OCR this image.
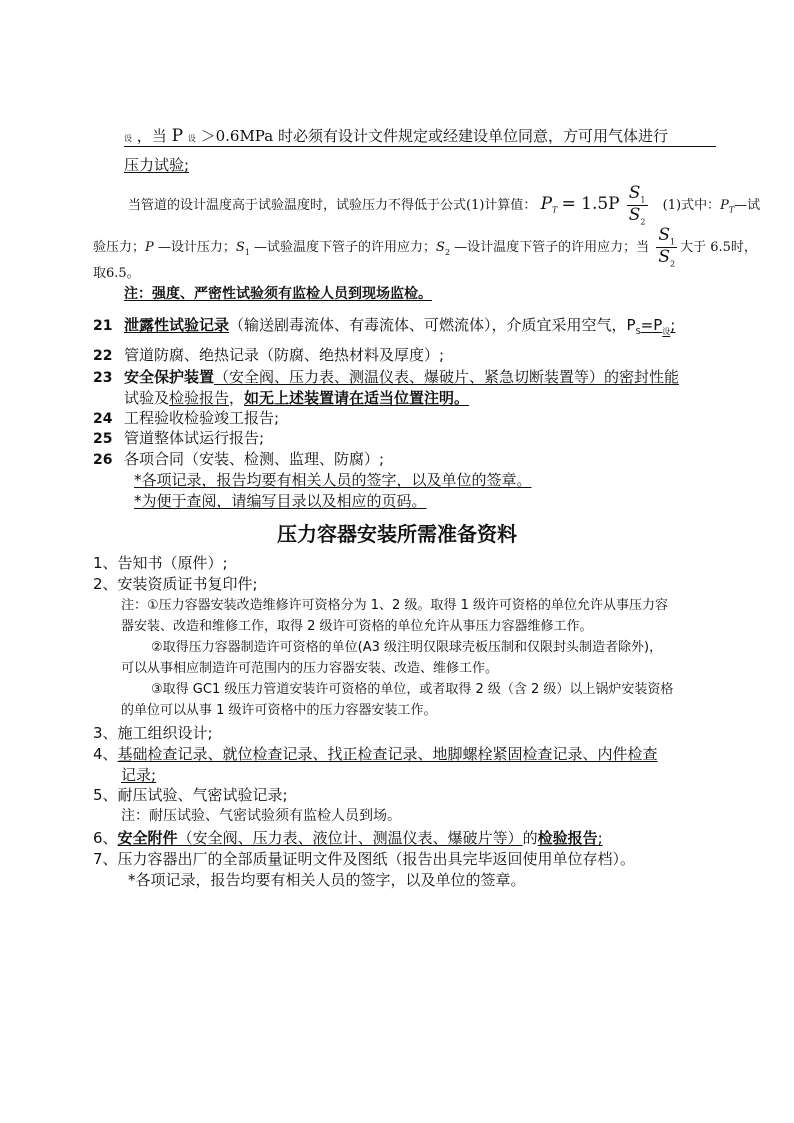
设 ，当 P 设 ＞0.6MPa 时必须有设计文件规定或经建设单位同意，方可用气体进行
压力试验;
当管道的设计温度高于试验温度时，试验压力不得低于公式(1)计算值： $P_T = 1.5P \frac{S_1}{S_2} (1)$式中：$P_T—$试
验压力；P —设计压力；$S_1$ —试验温度下管子的许用应力；$S_2$ —设计温度下管子的许用应力；当 $\frac{S_1}{S_2}$ 大于 6.5时，
取6.5。
注：强度、严密性试验须有监检人员到现场监检。
21 泄露性试验记录（输送剧毒流体、有毒流体、可燃流体），介质宜采用空气，$P_S=P_设$;
22 管道防腐、绝热记录（防腐、绝热材料及厚度）;
23 安全保护装置（安全阀、压力表、测温仪表、爆破片、紧急切断装置等）的密封性能
试验及检验报告，如无上述装置请在适当位置注明。
24 工程验收检验竣工报告;
25 管道整体试运行报告;
26 各项合同（安装、检测、监理、防腐）;
*各项记录，报告均要有相关人员的签字，以及单位的签章。
*为便于查阅，请编写目录以及相应的页码。
压力容器安装所需准备资料
1、告知书（原件）;
2、安装资质证书复印件;
注：①压力容器安装改造维修许可资格分为 1、2 级。取得 1 级许可资格的单位允许从事压力容
器安装、改造和维修工作，取得 2 级许可资格的单位允许从事压力容器维修工作。
②取得压力容器制造许可资格的单位(A3 级注明仅限球壳板压制和仅限封头制造者除外)，
可以从事相应制造许可范围内的压力容器安装、改造、维修工作。
③取得 GC1 级压力管道安装许可资格的单位，或者取得 2 级（含 2 级）以上锅炉安装资格
的单位可以从事 1 级许可资格中的压力容器安装工作。
3、施工组织设计;
4、基础检查记录、就位检查记录、找正检查记录、地脚螺栓紧固检查记录、内件检查
记录;
5、耐压试验、气密试验记录;
注：耐压试验、气密试验须有监检人员到场。
6、安全附件（安全阀、压力表、液位计、测温仪表、爆破片等）的检验报告;
7、压力容器出厂的全部质量证明文件及图纸（报告出具完毕返回使用单位存档）。
*各项记录，报告均要有相关人员的签字，以及单位的签章。
